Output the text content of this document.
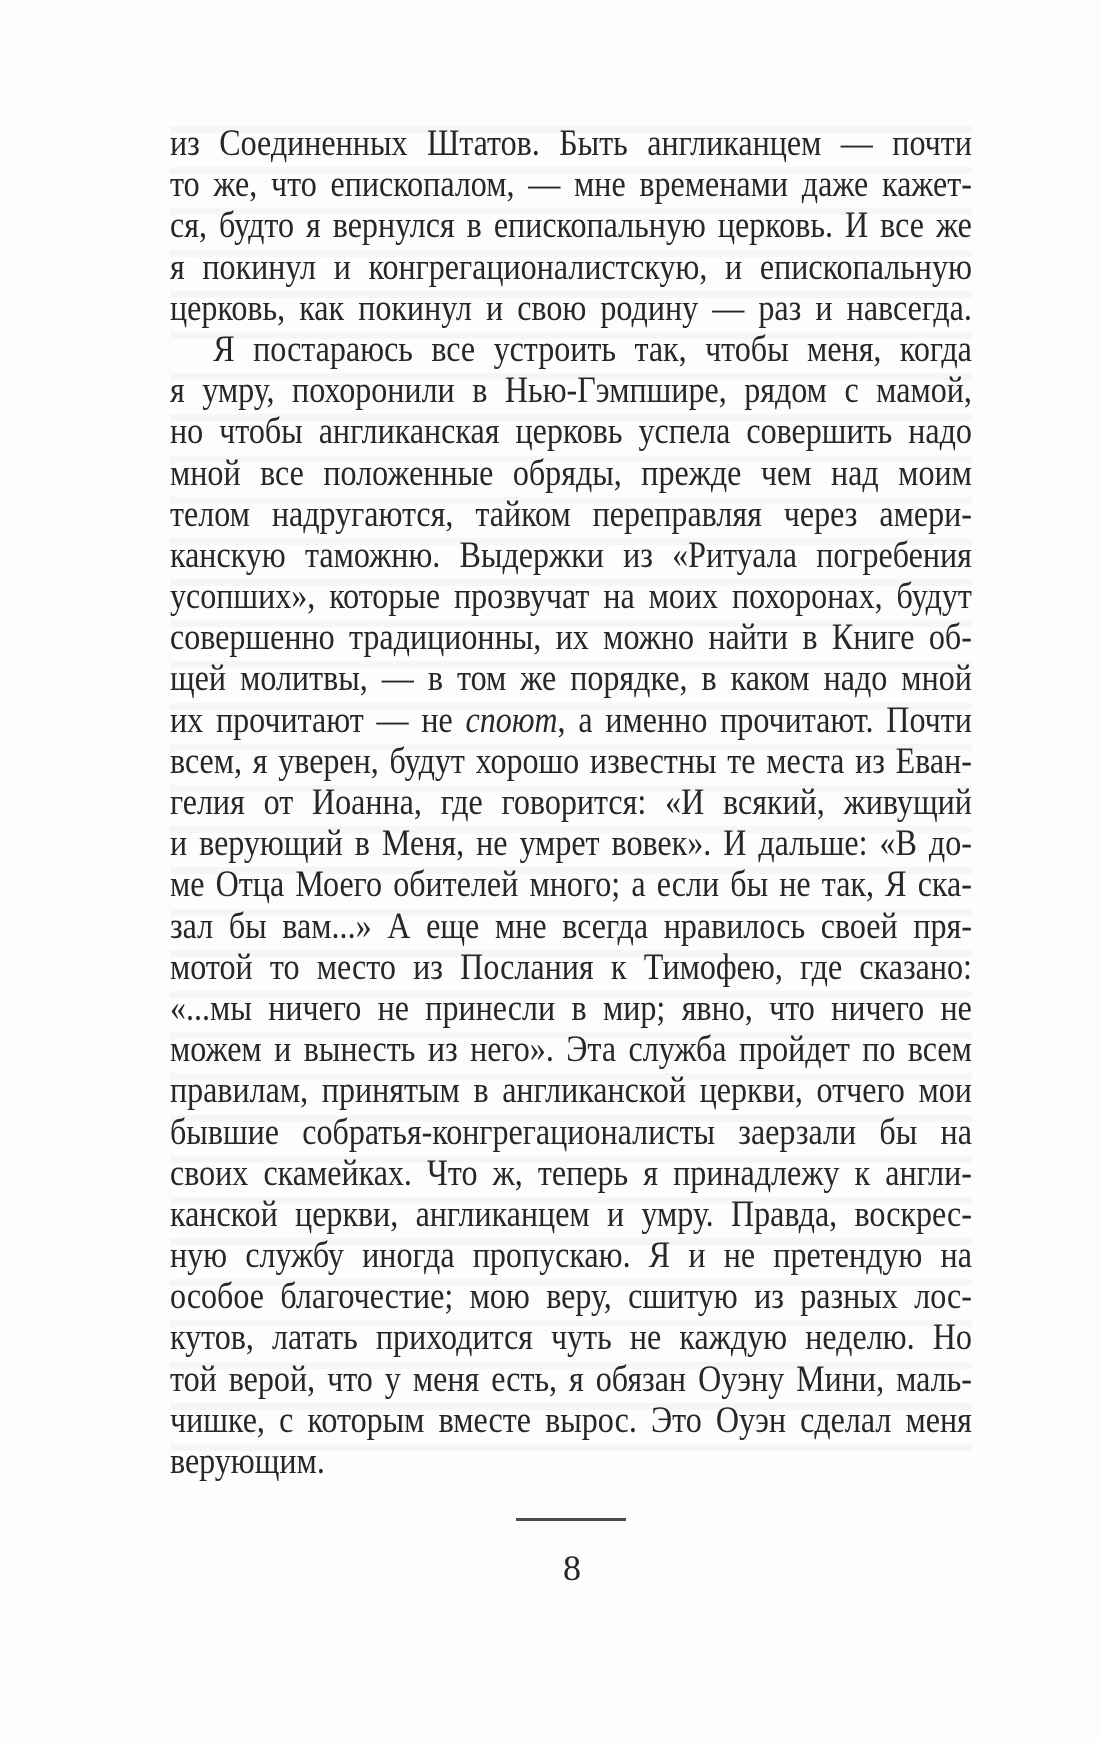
из Соединенных Штатов. Быть англиканцем — почти
то же, что епископалом, — мне временами даже кажет-
ся, будто я вернулся в епископальную церковь. И все же
я покинул и конгрегационалистскую, и епископальную
церковь, как покинул и свою родину — раз и навсегда.
Я постараюсь все устроить так, чтобы меня, когда
я умру, похоронили в Нью-Гэмпшире, рядом с мамой,
но чтобы англиканская церковь успела совершить надо
мной все положенные обряды, прежде чем над моим
телом надругаются, тайком переправляя через амери-
канскую таможню. Выдержки из «Ритуала погребения
усопших», которые прозвучат на моих похоронах, будут
совершенно традиционны, их можно найти в Книге об-
щей молитвы, — в том же порядке, в каком надо мной
их прочитают — не споют, а именно прочитают. Почти
всем, я уверен, будут хорошо известны те места из Еван-
гелия от Иоанна, где говорится: «И всякий, живущий
и верующий в Меня, не умрет вовек». И дальше: «В до-
ме Отца Моего обителей много; а если бы не так, Я ска-
зал бы вам...» А еще мне всегда нравилось своей пря-
мотой то место из Послания к Тимофею, где сказано:
«...мы ничего не принесли в мир; явно, что ничего не
можем и вынесть из него». Эта служба пройдет по всем
правилам, принятым в англиканской церкви, отчего мои
бывшие собратья-конгрегационалисты заерзали бы на
своих скамейках. Что ж, теперь я принадлежу к англи-
канской церкви, англиканцем и умру. Правда, воскрес-
ную службу иногда пропускаю. Я и не претендую на
особое благочестие; мою веру, сшитую из разных лос-
кутов, латать приходится чуть не каждую неделю. Но
той верой, что у меня есть, я обязан Оуэну Мини, маль-
чишке, с которым вместе вырос. Это Оуэн сделал меня
верующим.
8
